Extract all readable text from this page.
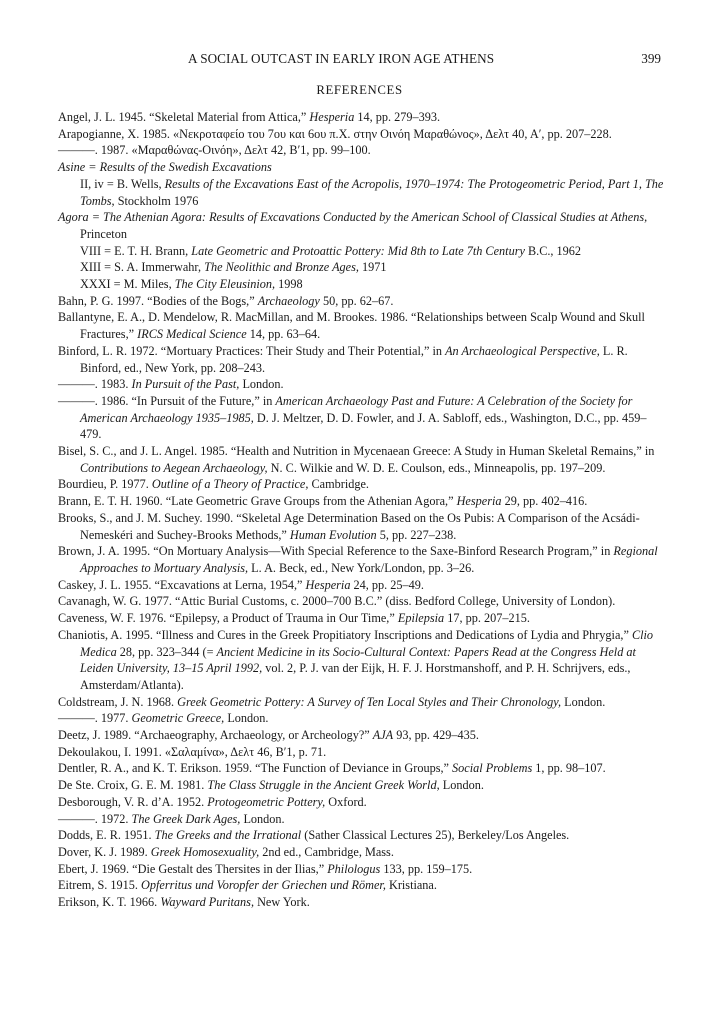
A SOCIAL OUTCAST IN EARLY IRON AGE ATHENS	399
REFERENCES

Angel, J. L. 1945. “Skeletal Material from Attica,” Hesperia 14, pp. 279–393.

Arapogianne, X. 1985. «Νεκροταφείο του 7ου και 6ου π.Χ. στην Οινόη Μαραθώνος», Δελτ 40, Α′, pp. 207–228.

———. 1987. «Μαραθώνας-Οινόη», Δελτ 42, Β′1, pp. 99–100.

Asine = Results of the Swedish Excavations

II, iv = B. Wells, Results of the Excavations East of the Acropolis, 1970–1974: The Protogeometric Period, Part 1, The Tombs, Stockholm 1976

Agora = The Athenian Agora: Results of Excavations Conducted by the American School of Classical Studies at Athens, Princeton

VIII = E. T. H. Brann, Late Geometric and Protoattic Pottery: Mid 8th to Late 7th Century B.C., 1962

XIII = S. A. Immerwahr, The Neolithic and Bronze Ages, 1971

XXXI = M. Miles, The City Eleusinion, 1998

Bahn, P. G. 1997. “Bodies of the Bogs,” Archaeology 50, pp. 62–67.

Ballantyne, E. A., D. Mendelow, R. MacMillan, and M. Brookes. 1986. “Relationships between Scalp Wound and Skull Fractures,” IRCS Medical Science 14, pp. 63–64.

Binford, L. R. 1972. “Mortuary Practices: Their Study and Their Potential,” in An Archaeological Perspective, L. R. Binford, ed., New York, pp. 208–243.

———. 1983. In Pursuit of the Past, London.

———. 1986. “In Pursuit of the Future,” in American Archaeology Past and Future: A Celebration of the Society for American Archaeology 1935–1985, D. J. Meltzer, D. D. Fowler, and J. A. Sabloff, eds., Washington, D.C., pp. 459–479.

Bisel, S. C., and J. L. Angel. 1985. “Health and Nutrition in Mycenaean Greece: A Study in Human Skeletal Remains,” in Contributions to Aegean Archaeology, N. C. Wilkie and W. D. E. Coulson, eds., Minneapolis, pp. 197–209.

Bourdieu, P. 1977. Outline of a Theory of Practice, Cambridge.

Brann, E. T. H. 1960. “Late Geometric Grave Groups from the Athenian Agora,” Hesperia 29, pp. 402–416.

Brooks, S., and J. M. Suchey. 1990. “Skeletal Age Determination Based on the Os Pubis: A Comparison of the Acsádi-Nemeskéri and Suchey-Brooks Methods,” Human Evolution 5, pp. 227–238.

Brown, J. A. 1995. “On Mortuary Analysis—With Special Reference to the Saxe-Binford Research Program,” in Regional Approaches to Mortuary Analysis, L. A. Beck, ed., New York/London, pp. 3–26.

Caskey, J. L. 1955. “Excavations at Lerna, 1954,” Hesperia 24, pp. 25–49.

Cavanagh, W. G. 1977. “Attic Burial Customs, c. 2000–700 B.C.” (diss. Bedford College, University of London).

Caveness, W. F. 1976. “Epilepsy, a Product of Trauma in Our Time,” Epilepsia 17, pp. 207–215.

Chaniotis, A. 1995. “Illness and Cures in the Greek Propitiatory Inscriptions and Dedications of Lydia and Phrygia,” Clio Medica 28, pp. 323–344 (= Ancient Medicine in its Socio-Cultural Context: Papers Read at the Congress Held at Leiden University, 13–15 April 1992, vol. 2, P. J. van der Eijk, H. F. J. Horstmanshoff, and P. H. Schrijvers, eds., Amsterdam/Atlanta).

Coldstream, J. N. 1968. Greek Geometric Pottery: A Survey of Ten Local Styles and Their Chronology, London.

———. 1977. Geometric Greece, London.

Deetz, J. 1989. “Archaeography, Archaeology, or Archeology?” AJA 93, pp. 429–435.

Dekoulakou, I. 1991. «Σαλαμίνα», Δελτ 46, Β′1, p. 71.

Dentler, R. A., and K. T. Erikson. 1959. “The Function of Deviance in Groups,” Social Problems 1, pp. 98–107.

De Ste. Croix, G. E. M. 1981. The Class Struggle in the Ancient Greek World, London.

Desborough, V. R. d’A. 1952. Protogeometric Pottery, Oxford.

———. 1972. The Greek Dark Ages, London.

Dodds, E. R. 1951. The Greeks and the Irrational (Sather Classical Lectures 25), Berkeley/Los Angeles.

Dover, K. J. 1989. Greek Homosexuality, 2nd ed., Cambridge, Mass.

Ebert, J. 1969. “Die Gestalt des Thersites in der Ilias,” Philologus 133, pp. 159–175.

Eitrem, S. 1915. Opferritus und Voropfer der Griechen und Römer, Kristiana.

Erikson, K. T. 1966. Wayward Puritans, New York.
